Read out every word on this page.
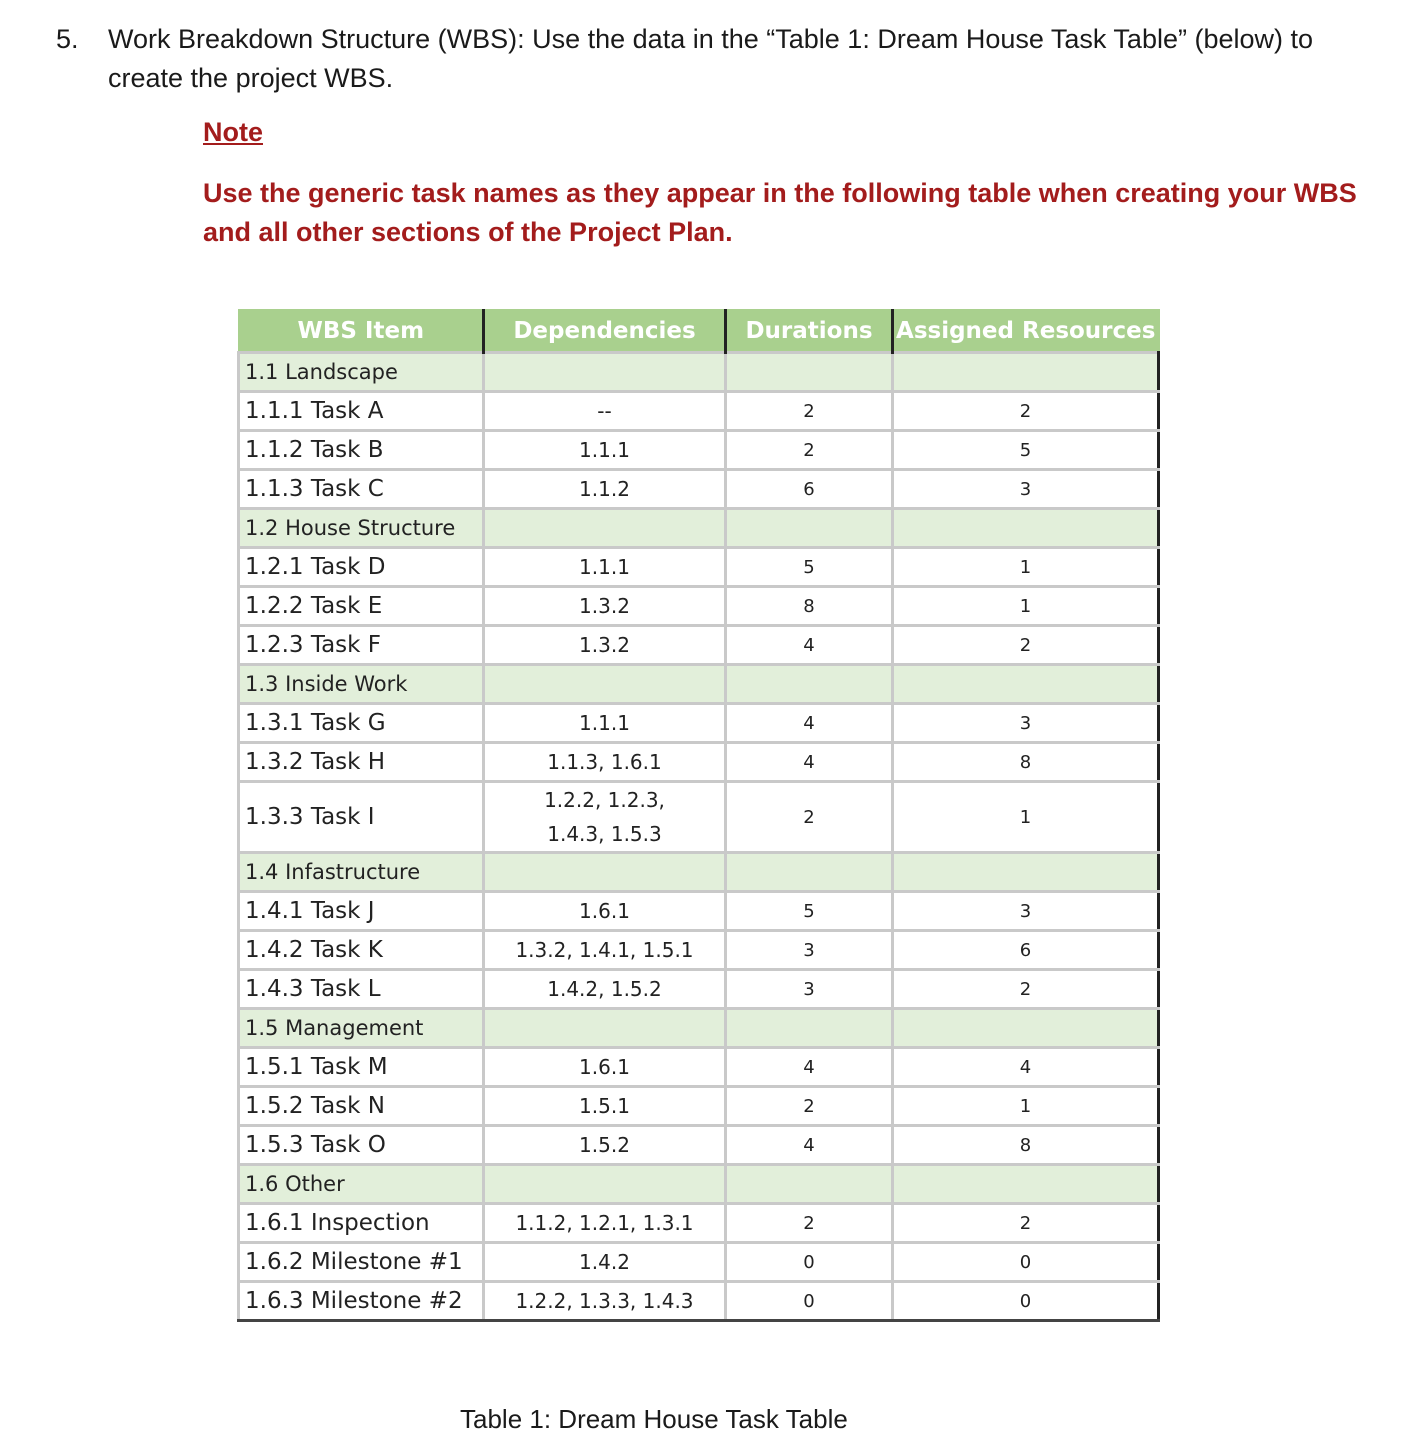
5. Work Breakdown Structure (WBS): Use the data in the “Table 1: Dream House Task Table” (below) to create the project WBS.
Note
Use the generic task names as they appear in the following table when creating your WBS and all other sections of the Project Plan.
WBS Item	Dependencies	Durations	Assigned Resources
1.1 Landscape			
1.1.1 Task A	--	2	2
1.1.2 Task B	1.1.1	2	5
1.1.3 Task C	1.1.2	6	3
1.2 House Structure			
1.2.1 Task D	1.1.1	5	1
1.2.2 Task E	1.3.2	8	1
1.2.3 Task F	1.3.2	4	2
1.3 Inside Work			
1.3.1 Task G	1.1.1	4	3
1.3.2 Task H	1.1.3, 1.6.1	4	8
1.3.3 Task I	1.2.2, 1.2.3,
1.4.3, 1.5.3	2	1
1.4 Infastructure			
1.4.1 Task J	1.6.1	5	3
1.4.2 Task K	1.3.2, 1.4.1, 1.5.1	3	6
1.4.3 Task L	1.4.2, 1.5.2	3	2
1.5 Management			
1.5.1 Task M	1.6.1	4	4
1.5.2 Task N	1.5.1	2	1
1.5.3 Task O	1.5.2	4	8
1.6 Other			
1.6.1 Inspection	1.1.2, 1.2.1, 1.3.1	2	2
1.6.2 Milestone #1	1.4.2	0	0
1.6.3 Milestone #2	1.2.2, 1.3.3, 1.4.3	0	0
Table 1: Dream House Task Table
